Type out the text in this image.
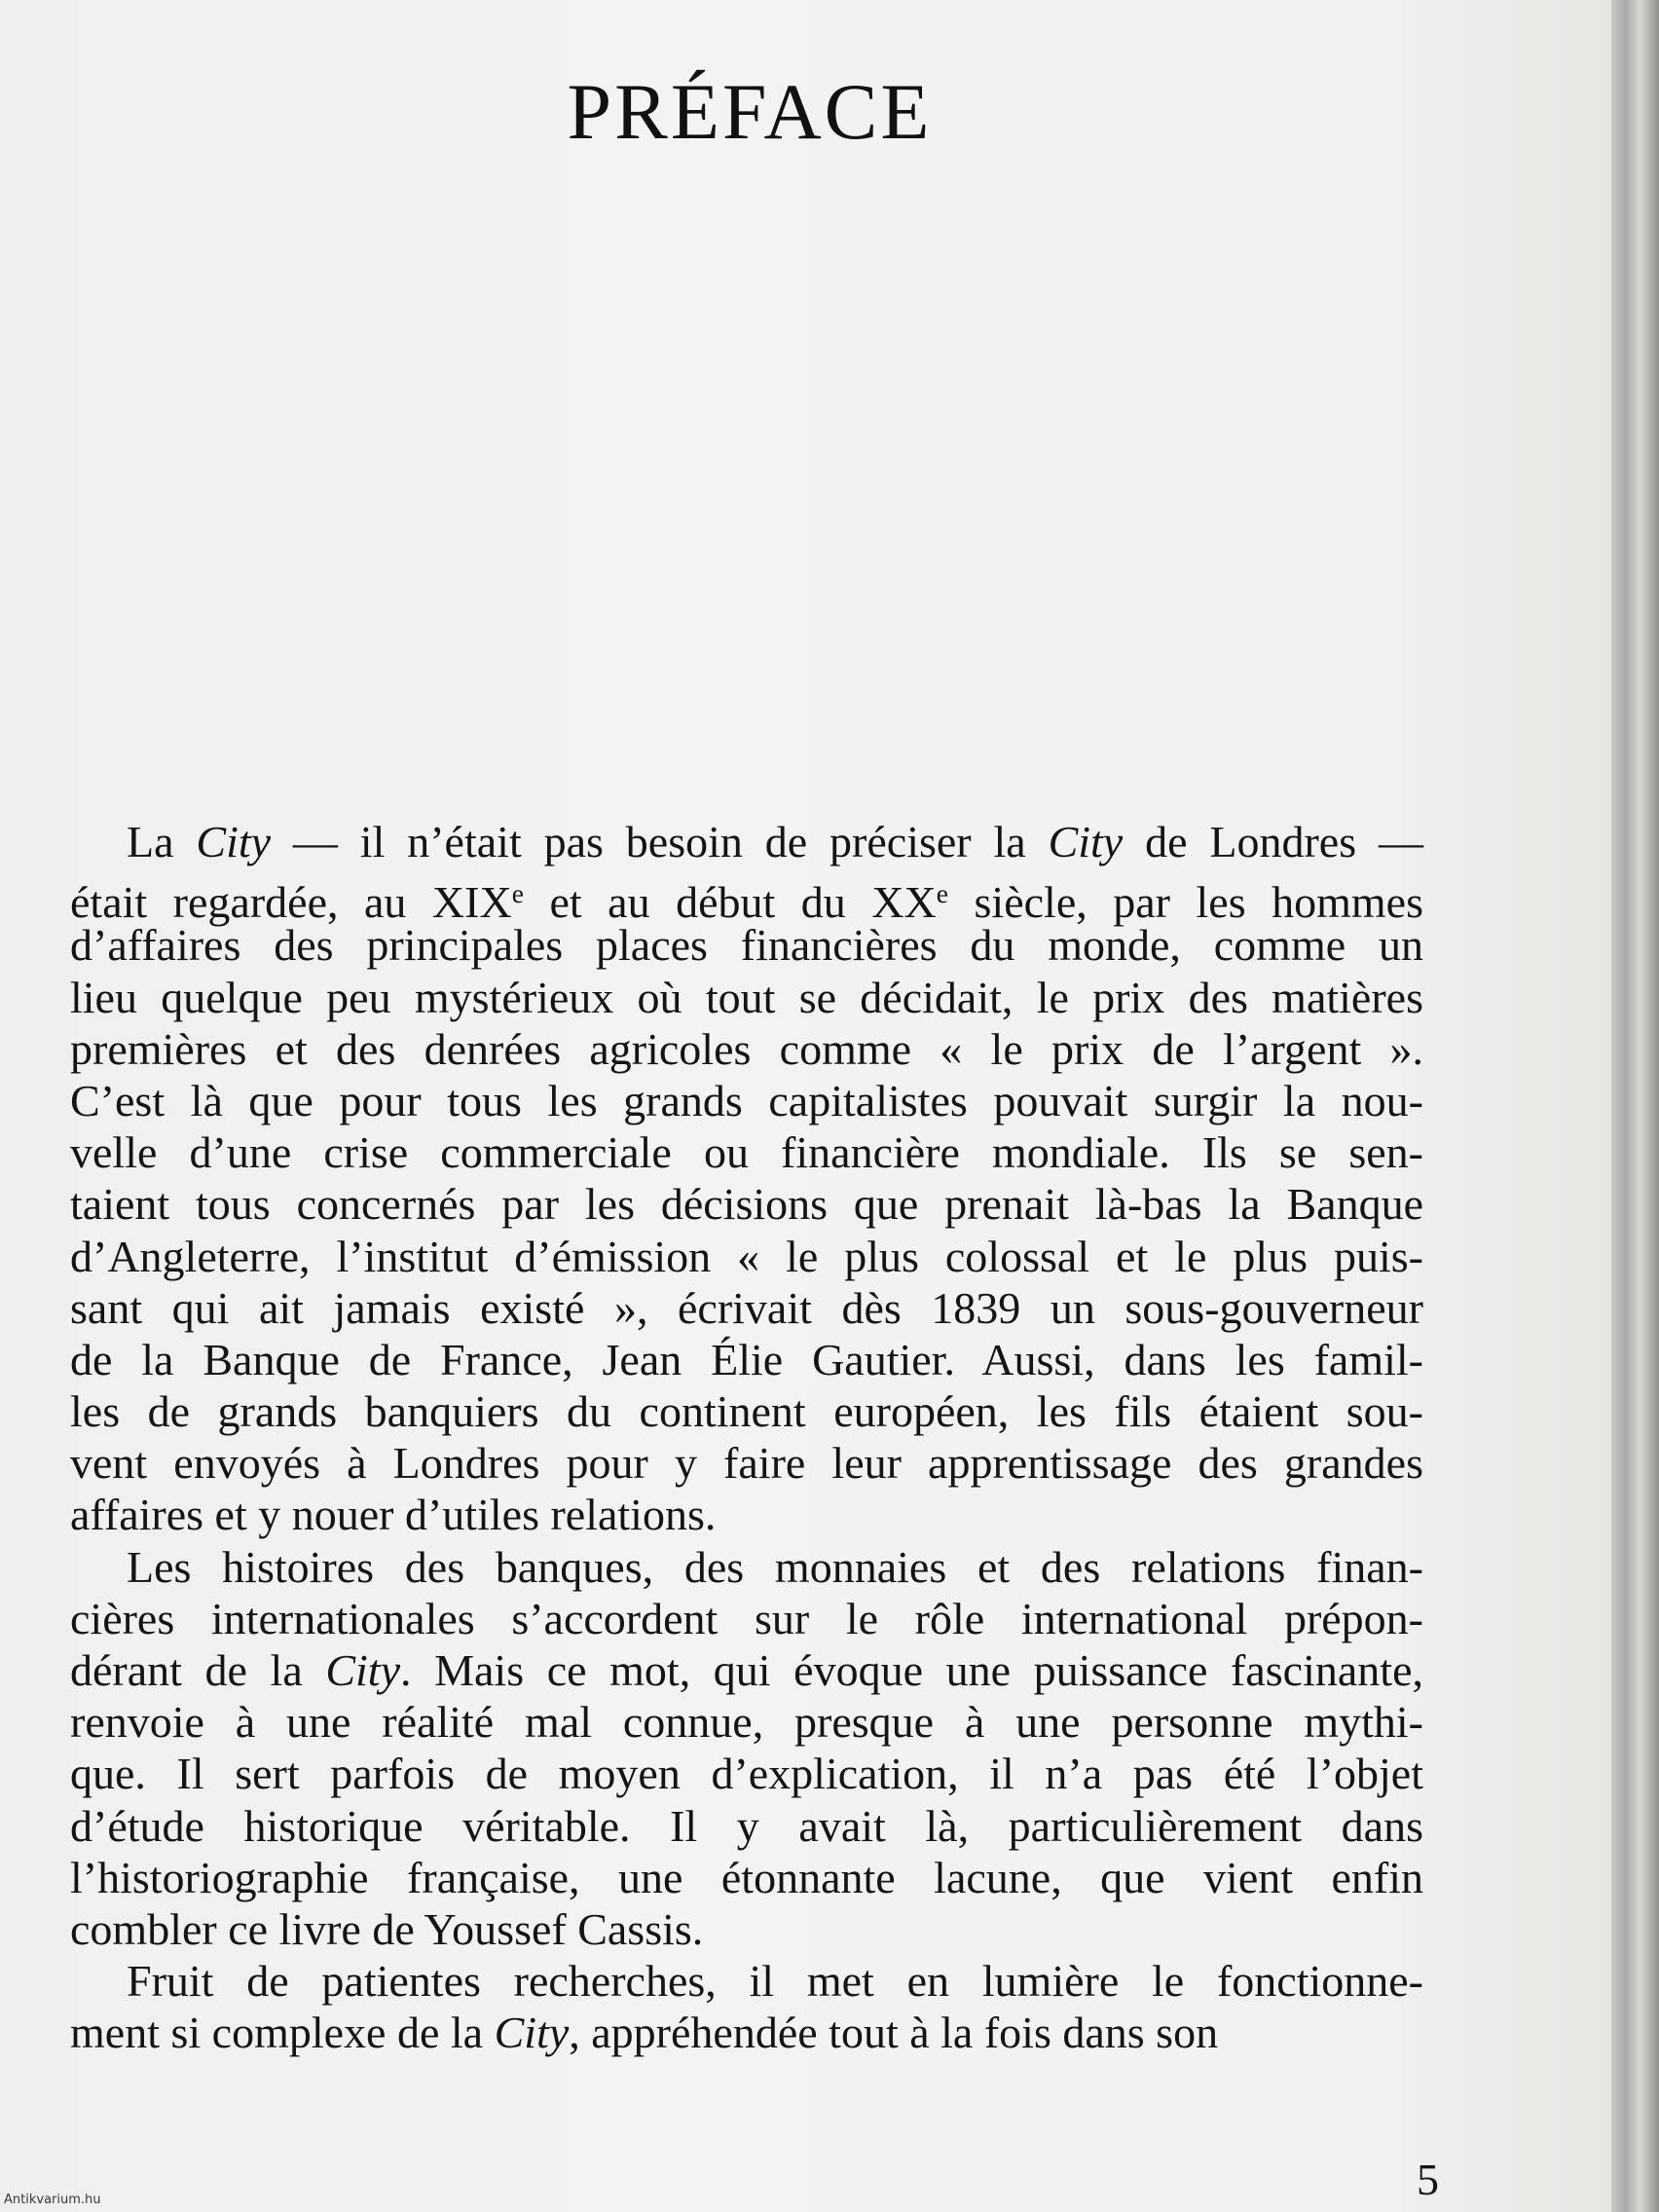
PRÉFACE
La City — il n’était pas besoin de préciser la City de Londres —
était regardée, au XIXe et au début du XXe siècle, par les hommes
d’affaires des principales places financières du monde, comme un
lieu quelque peu mystérieux où tout se décidait, le prix des matières
premières et des denrées agricoles comme « le prix de l’argent ».
C’est là que pour tous les grands capitalistes pouvait surgir la nou-
velle d’une crise commerciale ou financière mondiale. Ils se sen-
taient tous concernés par les décisions que prenait là-bas la Banque
d’Angleterre, l’institut d’émission « le plus colossal et le plus puis-
sant qui ait jamais existé », écrivait dès 1839 un sous-gouverneur
de la Banque de France, Jean Élie Gautier. Aussi, dans les famil-
les de grands banquiers du continent européen, les fils étaient sou-
vent envoyés à Londres pour y faire leur apprentissage des grandes
affaires et y nouer d’utiles relations.
Les histoires des banques, des monnaies et des relations finan-
cières internationales s’accordent sur le rôle international prépon-
dérant de la City. Mais ce mot, qui évoque une puissance fascinante,
renvoie à une réalité mal connue, presque à une personne mythi-
que. Il sert parfois de moyen d’explication, il n’a pas été l’objet
d’étude historique véritable. Il y avait là, particulièrement dans
l’historiographie française, une étonnante lacune, que vient enfin
combler ce livre de Youssef Cassis.
Fruit de patientes recherches, il met en lumière le fonctionne-
ment si complexe de la City, appréhendée tout à la fois dans son

5

Antikvarium.hu
